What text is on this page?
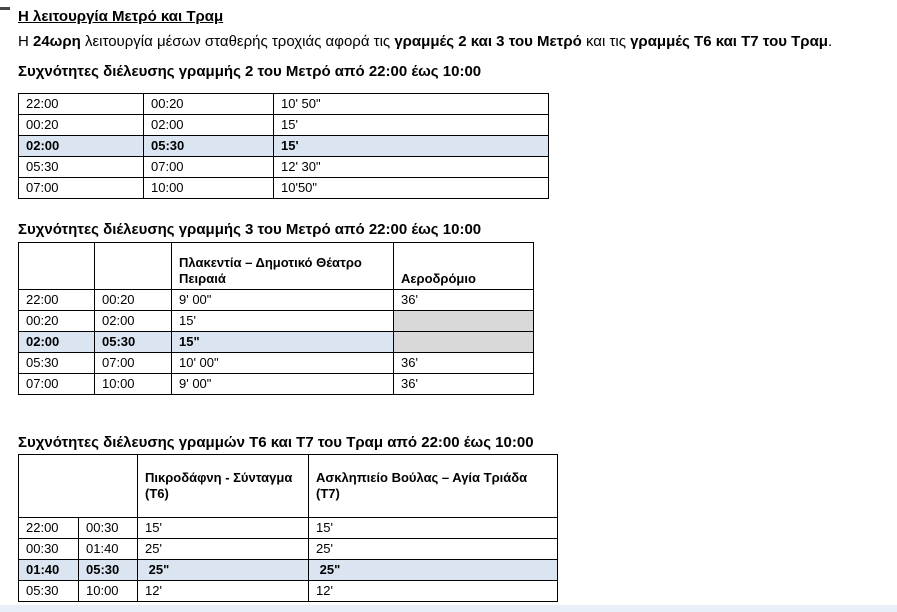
Η λειτουργία Μετρό και Τραμ

Η 24ωρη λειτουργία μέσων σταθερής τροχιάς αφορά τις γραμμές 2 και 3 του Μετρό και τις γραμμές Τ6 και Τ7 του Τραμ.

Συχνότητες διέλευσης γραμμής 2 του Μετρό από 22:00 έως 10:00
22:00	00:20	10' 50"
00:20	02:00	15'
02:00	05:30	15'
05:30	07:00	12' 30"
07:00	10:00	10'50"
Συχνότητες διέλευσης γραμμής 3 του Μετρό από 22:00 έως 10:00
		Πλακεντία – Δημοτικό Θέατρο Πειραιά	Αεροδρόμιο
22:00	00:20	9' 00"	36'
00:20	02:00	15'	
02:00	05:30	15"	
05:30	07:00	10' 00"	36'
07:00	10:00	9' 00"	36'
Συχνότητες διέλευσης γραμμών Τ6 και Τ7 του Τραμ από 22:00 έως 10:00
		Πικροδάφνη - Σύνταγμα (Τ6)	Ασκληπιείο Βούλας – Αγία Τριάδα (Τ7)
22:00	00:30	15'	15'
00:30	01:40	25'	25'
01:40	05:30	25"	25"
05:30	10:00	12'	12'
